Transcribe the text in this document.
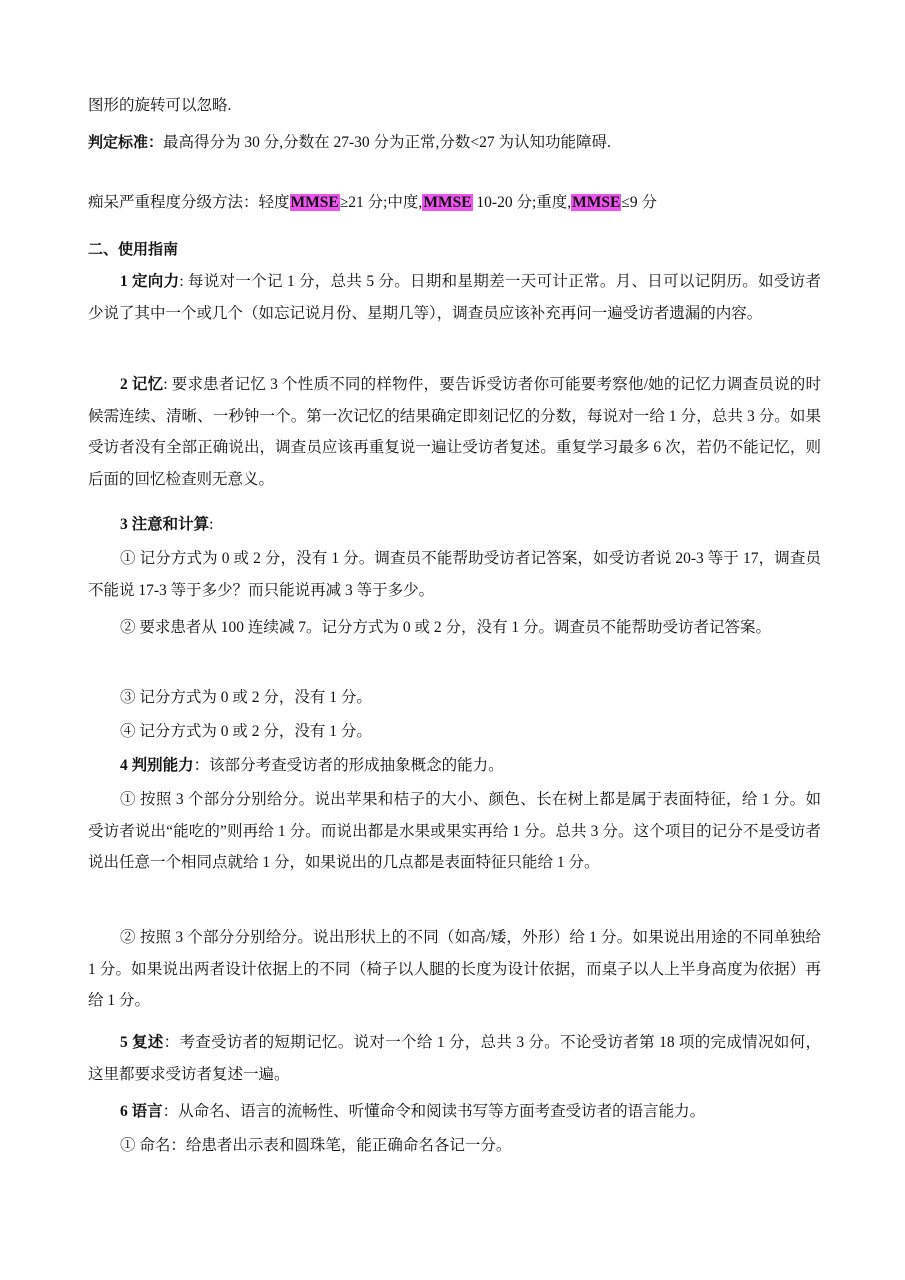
图形的旋转可以忽略.
判定标准：最高得分为 30 分,分数在 27-30 分为正常,分数<27 为认知功能障碍.
痴呆严重程度分级方法：轻度MMSE≥21 分;中度,MMSE 10-20 分;重度,MMSE≤9 分
二、使用指南
1 定向力: 每说对一个记 1 分，总共 5 分。日期和星期差一天可计正常。月、日可以记阴历。如受访者少说了其中一个或几个（如忘记说月份、星期几等），调查员应该补充再问一遍受访者遗漏的内容。
2 记忆: 要求患者记忆 3 个性质不同的样物件，要告诉受访者你可能要考察他/她的记忆力调查员说的时候需连续、清晰、一秒钟一个。第一次记忆的结果确定即刻记忆的分数，每说对一给 1 分，总共 3 分。如果受访者没有全部正确说出，调查员应该再重复说一遍让受访者复述。重复学习最多 6 次，若仍不能记忆，则后面的回忆检查则无意义。
3 注意和计算:
① 记分方式为 0 或 2 分，没有 1 分。调查员不能帮助受访者记答案，如受访者说 20-3 等于 17，调查员不能说 17-3 等于多少？而只能说再减 3 等于多少。
② 要求患者从 100 连续减 7。记分方式为 0 或 2 分，没有 1 分。调查员不能帮助受访者记答案。
③ 记分方式为 0 或 2 分，没有 1 分。
④ 记分方式为 0 或 2 分，没有 1 分。
4 判别能力：该部分考查受访者的形成抽象概念的能力。
① 按照 3 个部分分别给分。说出苹果和桔子的大小、颜色、长在树上都是属于表面特征，给 1 分。如受访者说出“能吃的”则再给 1 分。而说出都是水果或果实再给 1 分。总共 3 分。这个项目的记分不是受访者说出任意一个相同点就给 1 分，如果说出的几点都是表面特征只能给 1 分。
② 按照 3 个部分分别给分。说出形状上的不同（如高/矮，外形）给 1 分。如果说出用途的不同单独给 1 分。如果说出两者设计依据上的不同（椅子以人腿的长度为设计依据，而桌子以人上半身高度为依据）再给 1 分。
5 复述：考查受访者的短期记忆。说对一个给 1 分，总共 3 分。不论受访者第 18 项的完成情况如何，这里都要求受访者复述一遍。
6 语言：从命名、语言的流畅性、听懂命令和阅读书写等方面考查受访者的语言能力。
① 命名：给患者出示表和圆珠笔，能正确命名各记一分。
